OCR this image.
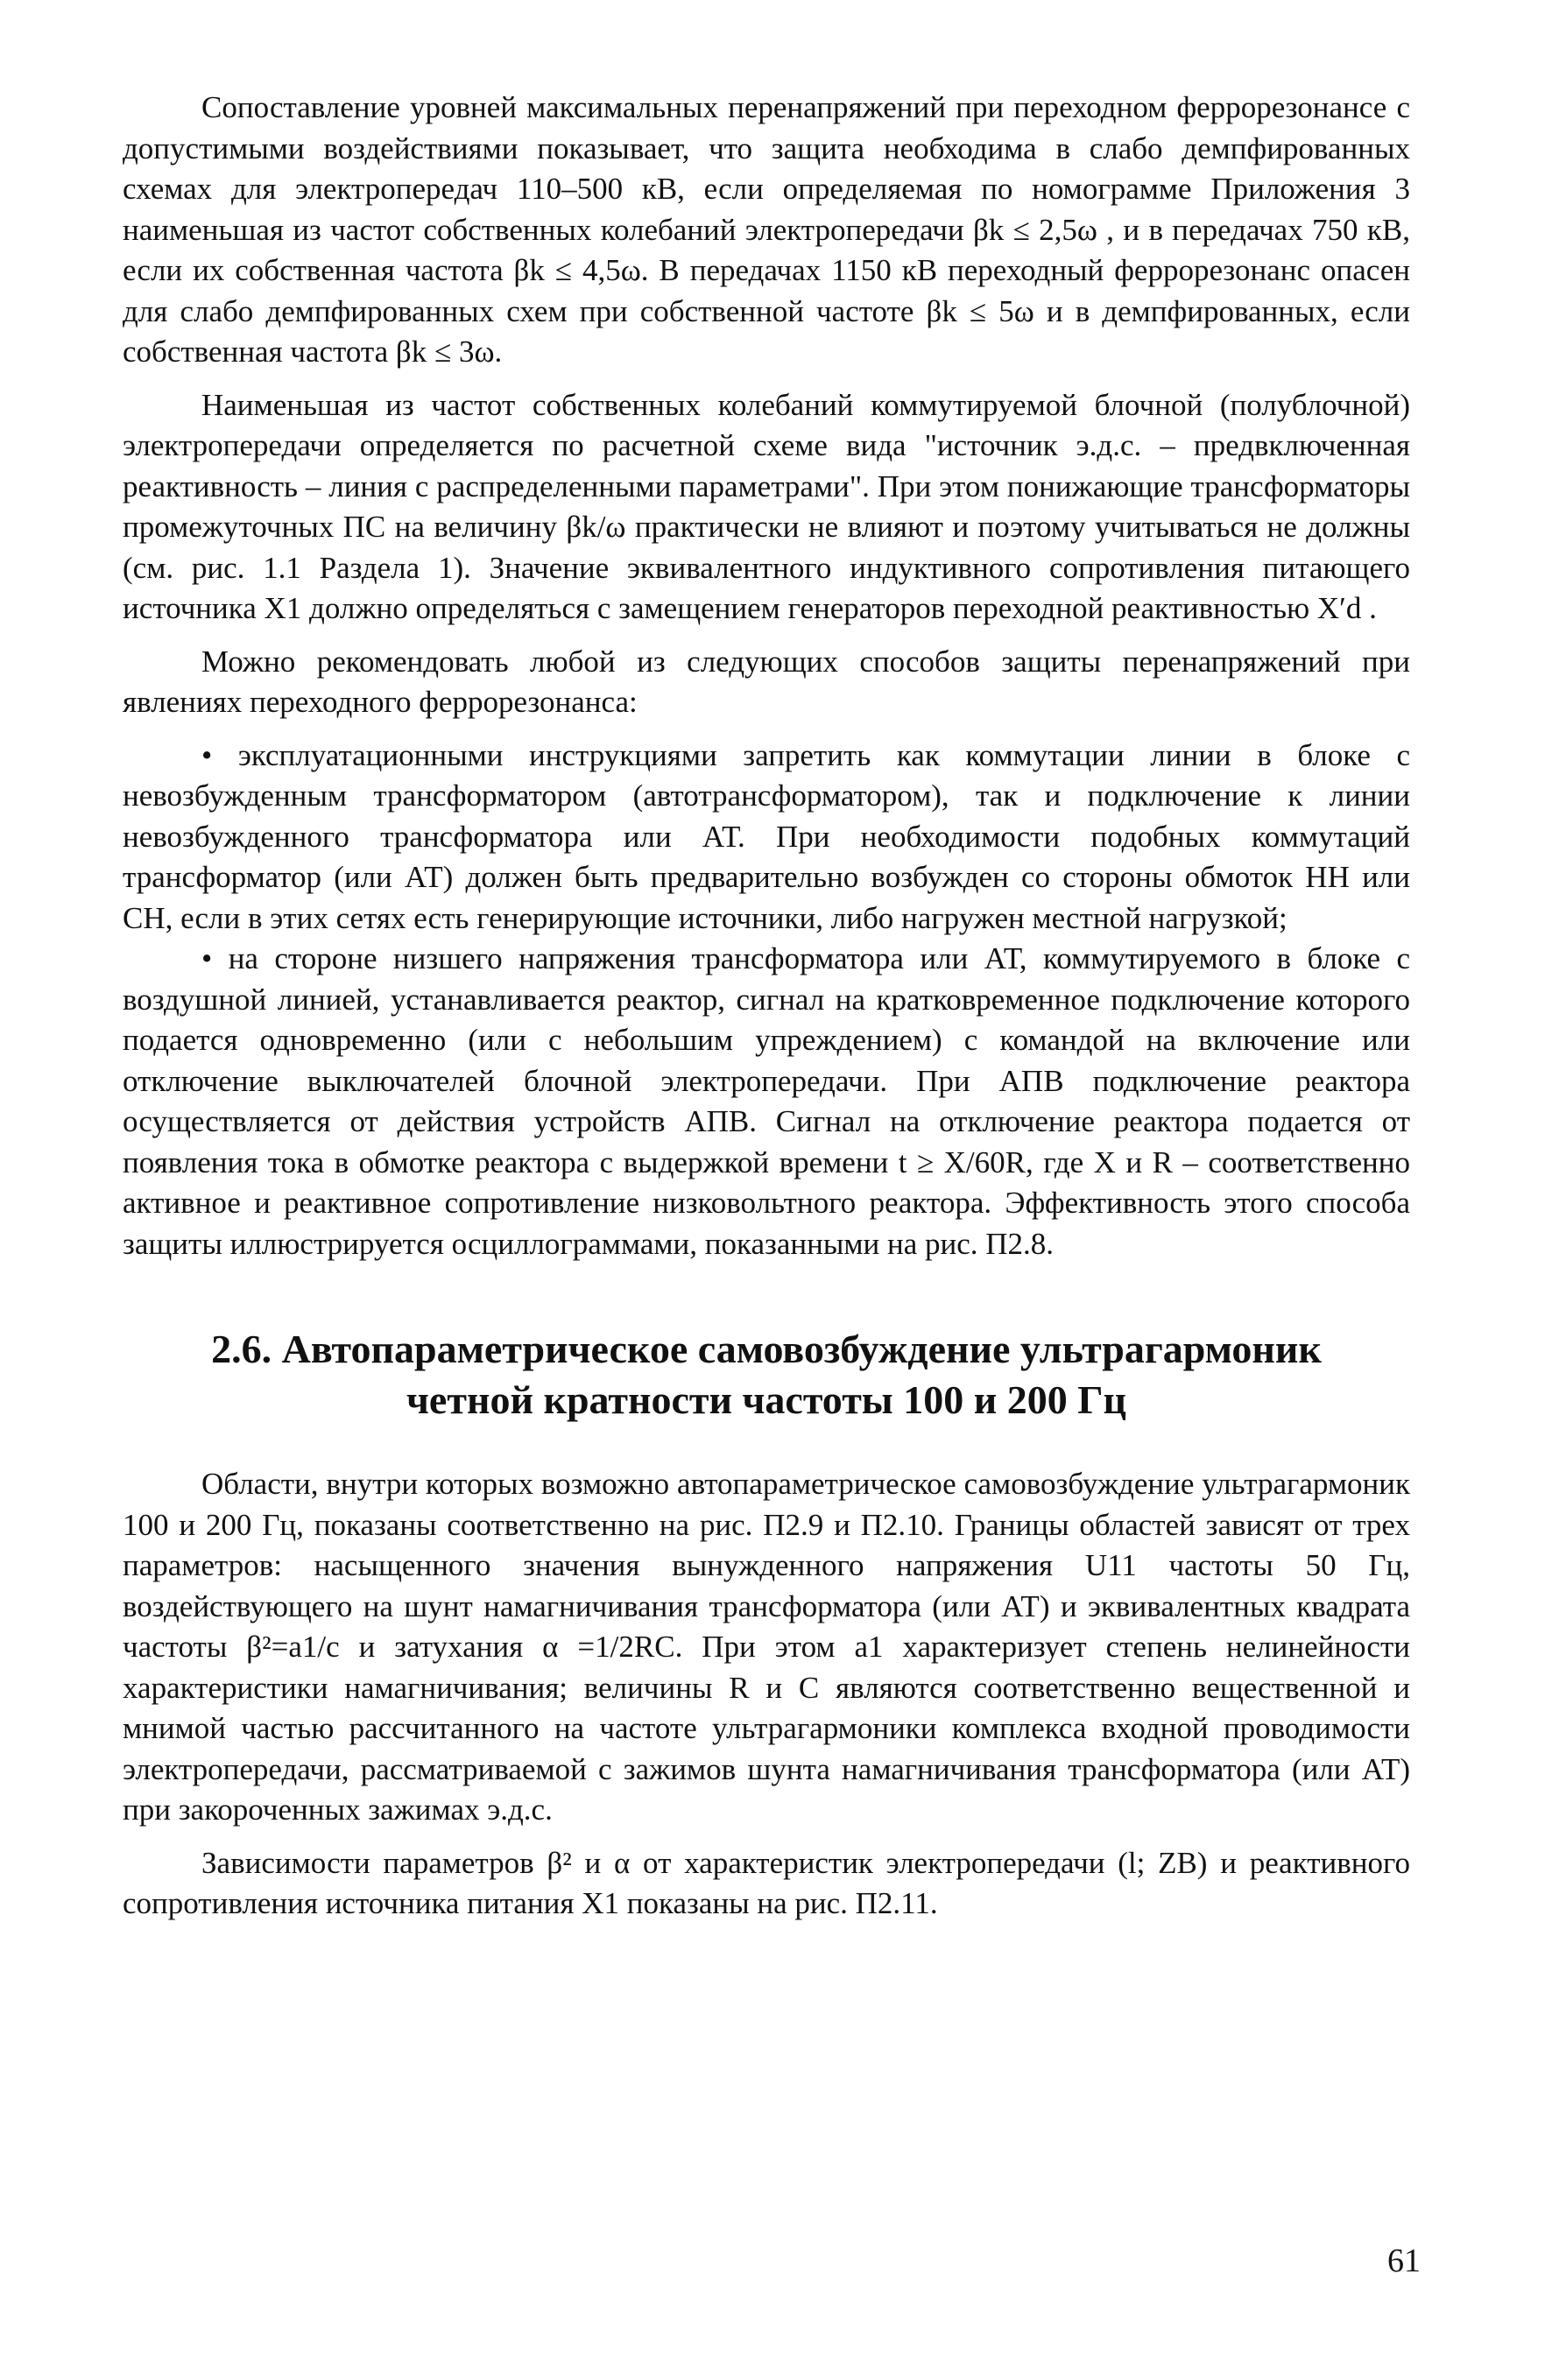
Сопоставление уровней максимальных перенапряжений при переходном феррорезонансе с допустимыми воздействиями показывает, что защита необходима в слабо демпфированных схемах для электропередач 110–500 кВ, если определяемая по номограмме Приложения 3 наименьшая из частот собственных колебаний электропередачи βk ≤ 2,5ω , и в передачах 750 кВ, если их собственная частота βk ≤ 4,5ω. В передачах 1150 кВ переходный феррорезонанс опасен для слабо демпфированных схем при собственной частоте βk ≤ 5ω и в демпфированных, если собственная частота βk ≤ 3ω.

Наименьшая из частот собственных колебаний коммутируемой блочной (полублочной) электропередачи определяется по расчетной схеме вида "источник э.д.с. – предвключенная реактивность – линия с распределенными параметрами". При этом понижающие трансформаторы промежуточных ПС на величину βk/ω практически не влияют и поэтому учитываться не должны (см. рис. 1.1 Раздела 1). Значение эквивалентного индуктивного сопротивления питающего источника X1 должно определяться с замещением генераторов переходной реактивностью X′d .

Можно рекомендовать любой из следующих способов защиты перенапряжений при явлениях переходного феррорезонанса:

• эксплуатационными инструкциями запретить как коммутации линии в блоке с невозбужденным трансформатором (автотрансформатором), так и подключение к линии невозбужденного трансформатора или АТ. При необходимости подобных коммутаций трансформатор (или АТ) должен быть предварительно возбужден со стороны обмоток НН или СН, если в этих сетях есть генерирующие источники, либо нагружен местной нагрузкой;

• на стороне низшего напряжения трансформатора или АТ, коммутируемого в блоке с воздушной линией, устанавливается реактор, сигнал на кратковременное подключение которого подается одновременно (или с небольшим упреждением) с командой на включение или отключение выключателей блочной электропередачи. При АПВ подключение реактора осуществляется от действия устройств АПВ. Сигнал на отключение реактора подается от появления тока в обмотке реактора с выдержкой времени t ≥ X/60R, где X и R – соответственно активное и реактивное сопротивление низковольтного реактора. Эффективность этого способа защиты иллюстрируется осциллограммами, показанными на рис. П2.8.

2.6. Автопараметрическое самовозбуждение ультрагармоник
четной кратности частоты 100 и 200 Гц

Области, внутри которых возможно автопараметрическое самовозбуждение ультрагармоник 100 и 200 Гц, показаны соответственно на рис. П2.9 и П2.10. Границы областей зависят от трех параметров: насыщенного значения вынужденного напряжения U11 частоты 50 Гц, воздействующего на шунт намагничивания трансформатора (или АТ) и эквивалентных квадрата частоты β²=a1/c и затухания α =1/2RC. При этом a1 характеризует степень нелинейности характеристики намагничивания; величины R и C являются соответственно вещественной и мнимой частью рассчитанного на частоте ультрагармоники комплекса входной проводимости электропередачи, рассматриваемой с зажимов шунта намагничивания трансформатора (или АТ) при закороченных зажимах э.д.с.

Зависимости параметров β² и α от характеристик электропередачи (l; ZB) и реактивного сопротивления источника питания X1 показаны на рис. П2.11.

61
